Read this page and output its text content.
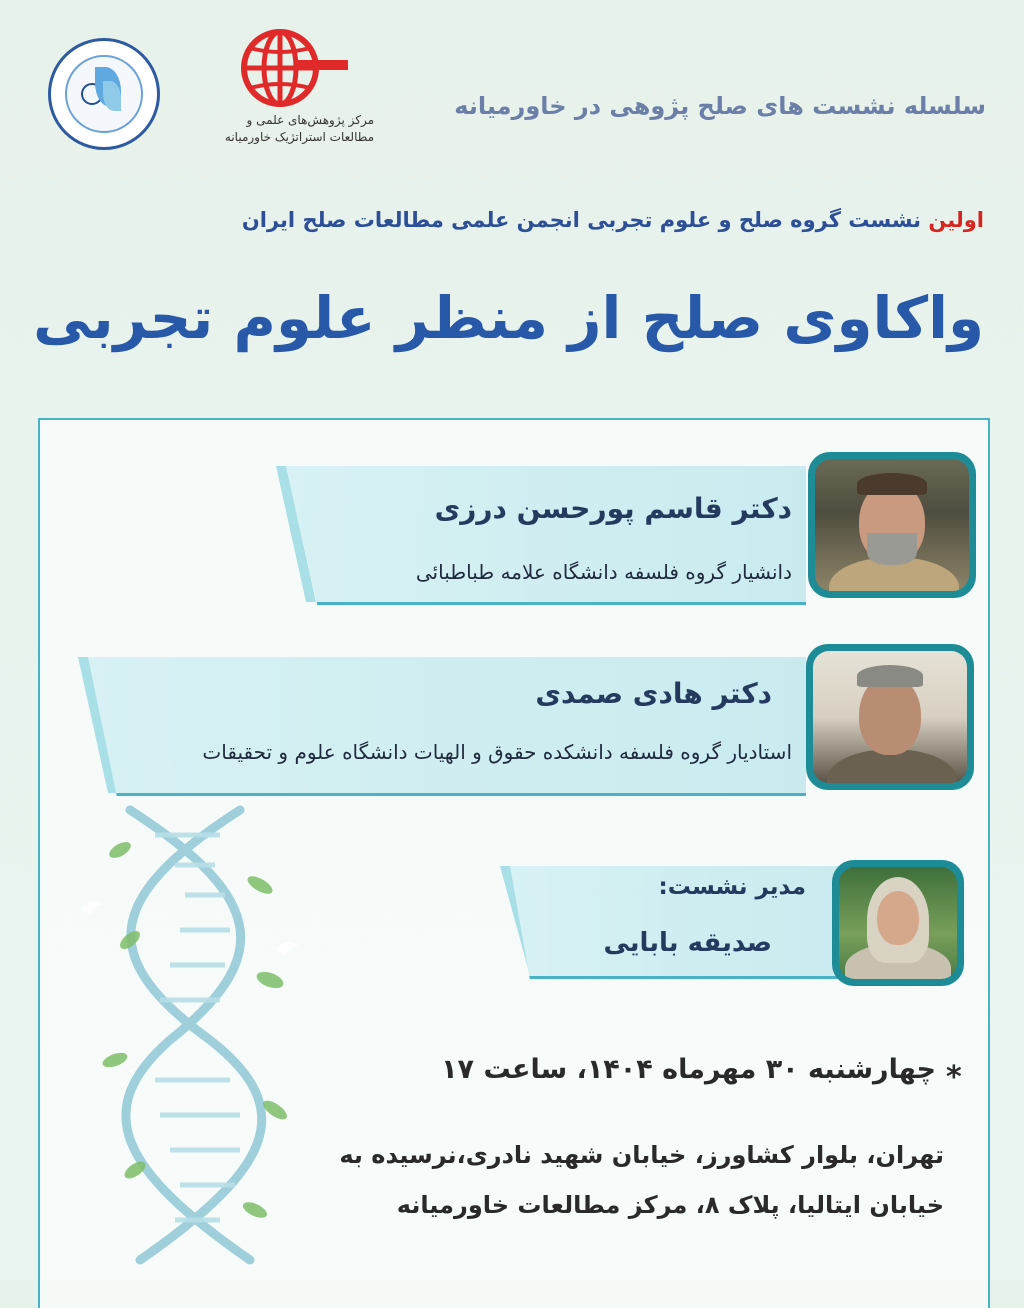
مرکز پژوهش‌های علمی و
مطالعات استراتژیک خاورمیانه
سلسله نشست های صلح پژوهی در خاورمیانه
اولین نشست گروه صلح و علوم تجربی انجمن علمی مطالعات صلح ایران
واکاوی صلح از منظر علوم تجربی
دکتر قاسم پورحسن درزی
دانشیار گروه فلسفه دانشگاه علامه طباطبائی
دکتر هادی صمدی
استادیار گروه فلسفه دانشکده حقوق و الهیات دانشگاه علوم و تحقیقات
مدیر نشست:
صدیقه بابایی
*
چهارشنبه ۳۰ مهرماه ۱۴۰۴، ساعت ۱۷
تهران، بلوار کشاورز، خیابان شهید نادری،نرسیده به خیابان ایتالیا، پلاک ۸، مرکز مطالعات خاورمیانه
